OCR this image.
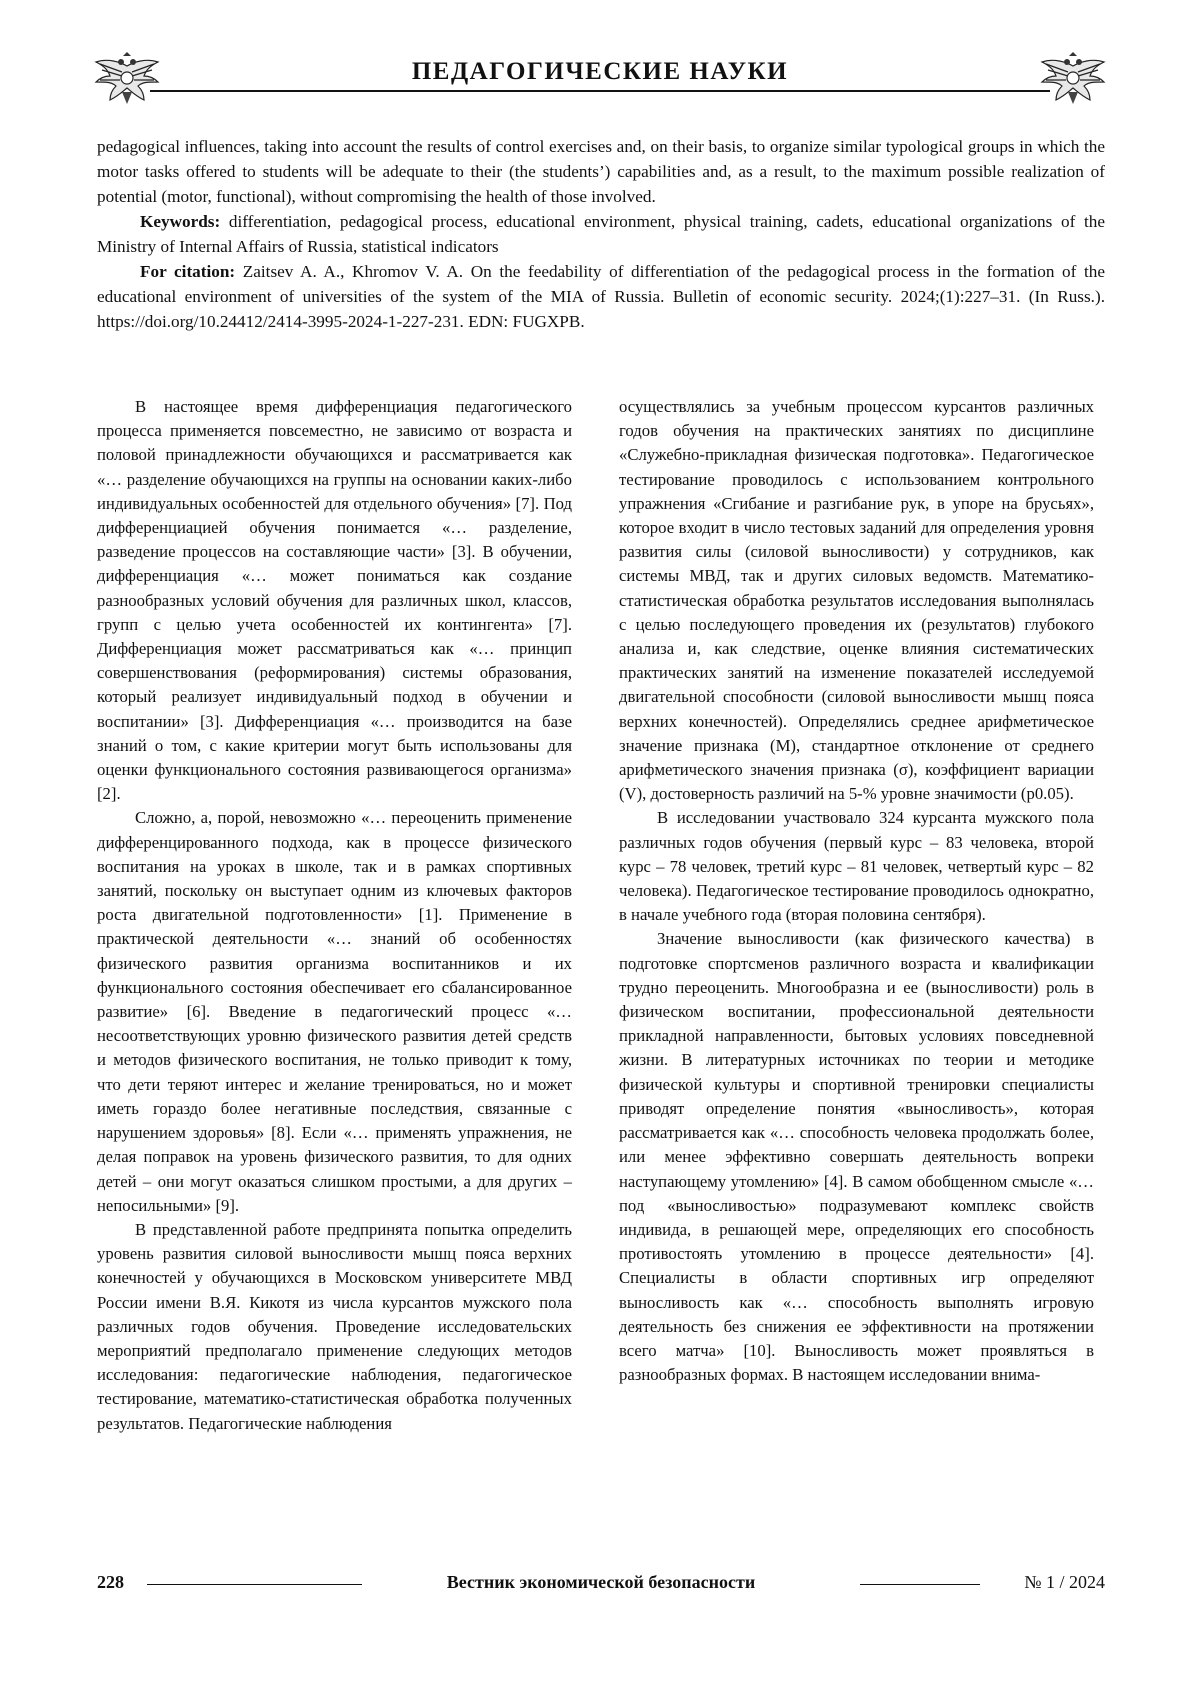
ПЕДАГОГИЧЕСКИЕ НАУКИ

pedagogical influences, taking into account the results of control exercises and, on their basis, to organize similar typological groups in which the motor tasks offered to students will be adequate to their (the students’) capabilities and, as a result, to the maximum possible realization of potential (motor, functional), without compromising the health of those involved.

Keywords: differentiation, pedagogical process, educational environment, physical training, cadets, educational organizations of the Ministry of Internal Affairs of Russia, statistical indicators

For citation: Zaitsev A. A., Khromov V. A. On the feedability of differentiation of the pedagogical process in the formation of the educational environment of universities of the system of the MIA of Russia. Bulletin of economic security. 2024;(1):227–31. (In Russ.). https://doi.org/10.24412/2414-3995-2024-1-227-231. EDN: FUGXPB.

В настоящее время дифференциация педагогического процесса применяется повсеместно, не зависимо от возраста и половой принадлежности обучающихся и рассматривается как «… разделение обучающихся на группы на основании каких-либо индивидуальных особенностей для отдельного обучения» [7]. Под дифференциацией обучения понимается «… разделение, разведение процессов на составляющие части» [3]. В обучении, дифференциация «… может пониматься как создание разнообразных условий обучения для различных школ, классов, групп с целью учета особенностей их контингента» [7]. Дифференциация может рассматриваться как «… принцип совершенствования (реформирования) системы образования, который реализует индивидуальный подход в обучении и воспитании» [3]. Дифференциация «… производится на базе знаний о том, с какие критерии могут быть использованы для оценки функционального состояния развивающегося организма» [2].

Сложно, а, порой, невозможно «… переоценить применение дифференцированного подхода, как в процессе физического воспитания на уроках в школе, так и в рамках спортивных занятий, поскольку он выступает одним из ключевых факторов роста двигательной подготовленности» [1]. Применение в практической деятельности «… знаний об особенностях физического развития организма воспитанников и их функционального состояния обеспечивает его сбалансированное развитие» [6]. Введение в педагогический процесс «… несоответствующих уровню физического развития детей средств и методов физического воспитания, не только приводит к тому, что дети теряют интерес и желание тренироваться, но и может иметь гораздо более негативные последствия, связанные с нарушением здоровья» [8]. Если «… применять упражнения, не делая поправок на уровень физического развития, то для одних детей – они могут оказаться слишком простыми, а для других – непосильными» [9].

В представленной работе предпринята попытка определить уровень развития силовой выносливости мышц пояса верхних конечностей у обучающихся в Московском университете МВД России имени В.Я. Кикотя из числа курсантов мужского пола различных годов обучения. Проведение исследовательских мероприятий предполагало применение следующих методов исследования: педагогические наблюдения, педагогическое тестирование, математико-статистическая обработка полученных результатов. Педагогические наблюдения

осуществлялись за учебным процессом курсантов различных годов обучения на практических занятиях по дисциплине «Служебно-прикладная физическая подготовка». Педагогическое тестирование проводилось с использованием контрольного упражнения «Сгибание и разгибание рук, в упоре на брусьях», которое входит в число тестовых заданий для определения уровня развития силы (силовой выносливости) у сотрудников, как системы МВД, так и других силовых ведомств. Математико-статистическая обработка результатов исследования выполнялась с целью последующего проведения их (результатов) глубокого анализа и, как следствие, оценке влияния систематических практических занятий на изменение показателей исследуемой двигательной способности (силовой выносливости мышц пояса верхних конечностей). Определялись среднее арифметическое значение признака (М), стандартное отклонение от среднего арифметического значения признака (σ), коэффициент вариации (V), достоверность различий на 5-% уровне значимости (р0.05).

В исследовании участвовало 324 курсанта мужского пола различных годов обучения (первый курс – 83 человека, второй курс – 78 человек, третий курс – 81 человек, четвертый курс – 82 человека). Педагогическое тестирование проводилось однократно, в начале учебного года (вторая половина сентября).

Значение выносливости (как физического качества) в подготовке спортсменов различного возраста и квалификации трудно переоценить. Многообразна и ее (выносливости) роль в физическом воспитании, профессиональной деятельности прикладной направленности, бытовых условиях повседневной жизни. В литературных источниках по теории и методике физической культуры и спортивной тренировки специалисты приводят определение понятия «выносливость», которая рассматривается как «… способность человека продолжать более, или менее эффективно совершать деятельность вопреки наступающему утомлению» [4]. В самом обобщенном смысле «… под «выносливостью» подразумевают комплекс свойств индивида, в решающей мере, определяющих его способность противостоять утомлению в процессе деятельности» [4]. Специалисты в области спортивных игр определяют выносливость как «… способность выполнять игровую деятельность без снижения ее эффективности на протяжении всего матча» [10]. Выносливость может проявляться в разнообразных формах. В настоящем исследовании внима-

228	Вестник экономической безопасности	№ 1 / 2024
